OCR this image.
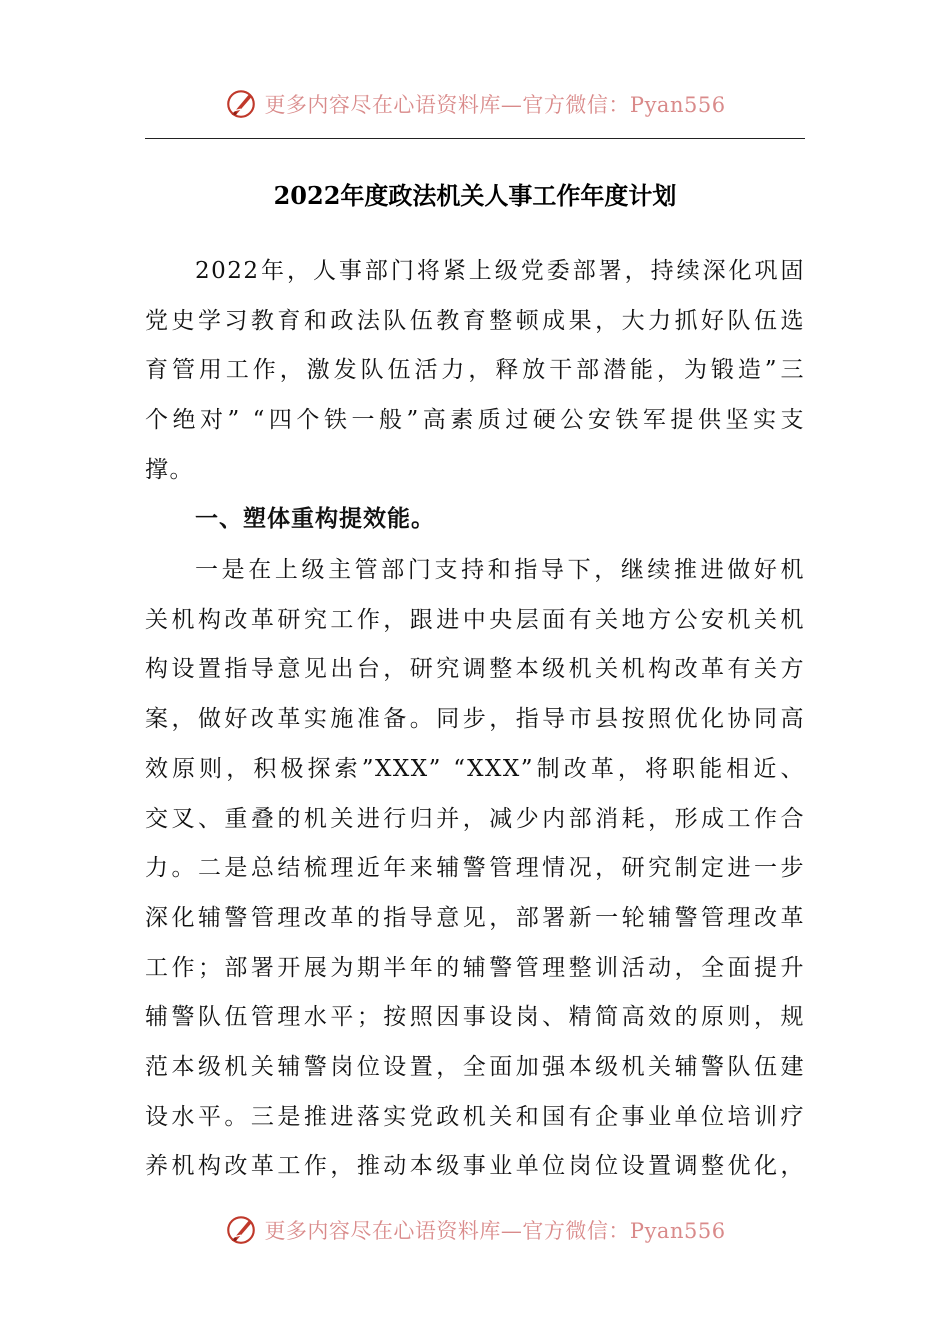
更多内容尽在心语资料库—官方微信：Pyan556
2022年度政法机关人事工作年度计划
2022年，人事部门将紧上级党委部署，持续深化巩固
党史学习教育和政法队伍教育整顿成果，大力抓好队伍选
育管用工作，激发队伍活力，释放干部潜能，为锻造”三
个绝对” “四个铁一般”高素质过硬公安铁军提供坚实支
撑。
一、塑体重构提效能。
一是在上级主管部门支持和指导下，继续推进做好机
关机构改革研究工作，跟进中央层面有关地方公安机关机
构设置指导意见出台，研究调整本级机关机构改革有关方
案，做好改革实施准备。同步，指导市县按照优化协同高
效原则，积极探索”XXX” “XXX”制改革，将职能相近、
交叉、重叠的机关进行归并，减少内部消耗，形成工作合
力。二是总结梳理近年来辅警管理情况，研究制定进一步
深化辅警管理改革的指导意见，部署新一轮辅警管理改革
工作；部署开展为期半年的辅警管理整训活动，全面提升
辅警队伍管理水平；按照因事设岗、精简高效的原则，规
范本级机关辅警岗位设置，全面加强本级机关辅警队伍建
设水平。三是推进落实党政机关和国有企事业单位培训疗
养机构改革工作，推动本级事业单位岗位设置调整优化，
更多内容尽在心语资料库—官方微信：Pyan556
